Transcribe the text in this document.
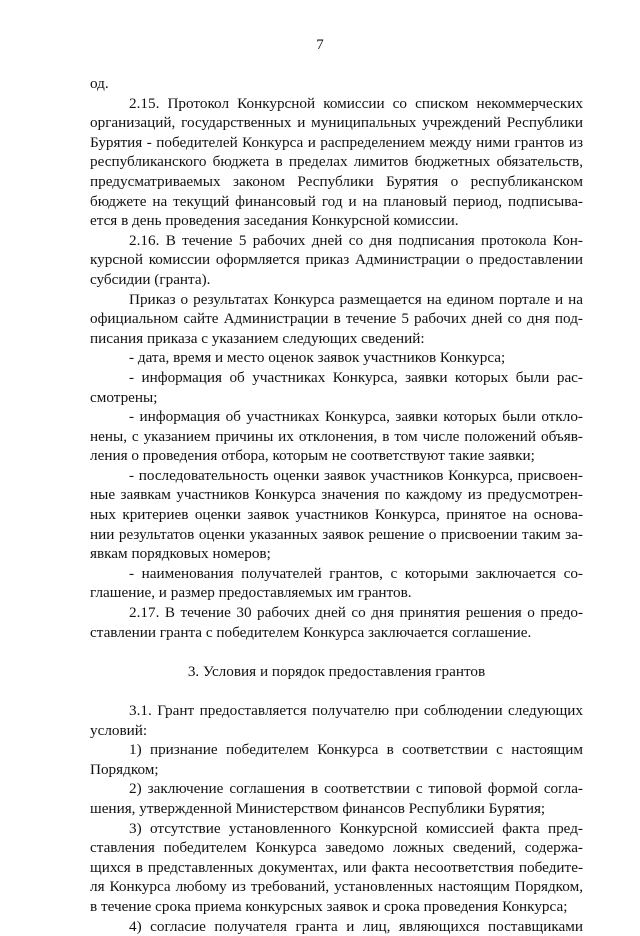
7
од.
2.15. Протокол Конкурсной комиссии со списком некоммерческих
организаций, государственных и муниципальных учреждений Республики
Бурятия - победителей Конкурса и распределением между ними грантов из
республиканского бюджета в пределах лимитов бюджетных обязательств,
предусматриваемых законом Республики Бурятия о республиканском
бюджете на текущий финансовый год и на плановый период, подписыва-
ется в день проведения заседания Конкурсной комиссии.
2.16. В течение 5 рабочих дней со дня подписания протокола Кон-
курсной комиссии оформляется приказ Администрации о предоставлении
субсидии (гранта).
Приказ о результатах Конкурса размещается на едином портале и на
официальном сайте Администрации в течение 5 рабочих дней со дня под-
писания приказа с указанием следующих сведений:
- дата, время и место оценок заявок участников Конкурса;
- информация об участниках Конкурса, заявки которых были рас-
смотрены;
- информация об участниках Конкурса, заявки которых были откло-
нены, с указанием причины их отклонения, в том числе положений объяв-
ления о проведения отбора, которым не соответствуют такие заявки;
- последовательность оценки заявок участников Конкурса, присвоен-
ные заявкам участников Конкурса значения по каждому из предусмотрен-
ных критериев оценки заявок участников Конкурса, принятое на основа-
нии результатов оценки указанных заявок решение о присвоении таким за-
явкам порядковых номеров;
- наименования получателей грантов, с которыми заключается со-
глашение, и размер предоставляемых им грантов.
2.17. В течение 30 рабочих дней со дня принятия решения о предо-
ставлении гранта с победителем Конкурса заключается соглашение.
3. Условия и порядок предоставления грантов
3.1. Грант предоставляется получателю при соблюдении следующих
условий:
1) признание победителем Конкурса в соответствии с настоящим
Порядком;
2) заключение соглашения в соответствии с типовой формой согла-
шения, утвержденной Министерством финансов Республики Бурятия;
3) отсутствие установленного Конкурсной комиссией факта пред-
ставления победителем Конкурса заведомо ложных сведений, содержа-
щихся в представленных документах, или факта несоответствия победите-
ля Конкурса любому из требований, установленных настоящим Порядком,
в течение срока приема конкурсных заявок и срока проведения Конкурса;
4) согласие получателя гранта и лиц, являющихся поставщиками
